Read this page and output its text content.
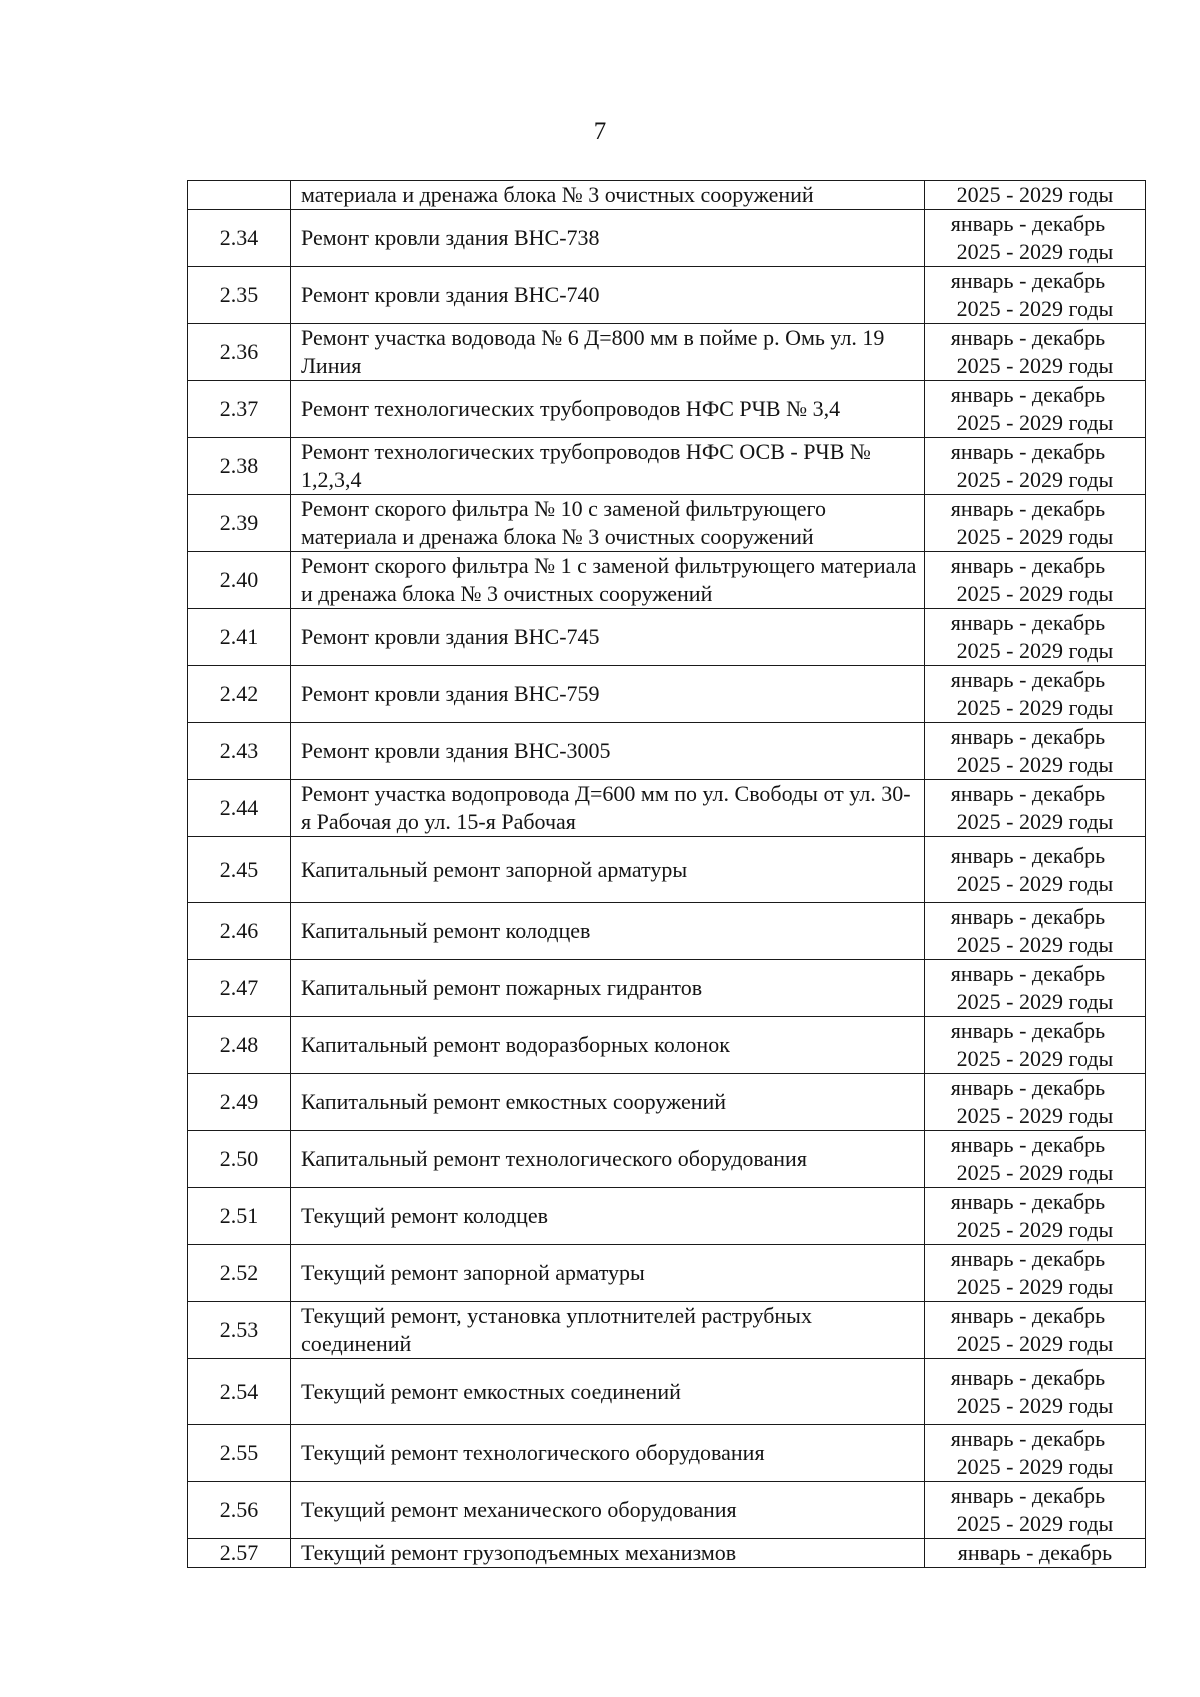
7
	материала и дренажа блока № 3 очистных сооружений	2025 - 2029 годы

2.34	Ремонт кровли здания ВНС-738	январь - декабрь
2025 - 2029 годы

2.35	Ремонт кровли здания ВНС-740	январь - декабрь
2025 - 2029 годы

2.36	Ремонт участка водовода № 6 Д=800 мм в пойме р. Омь ул. 19 Линия	январь - декабрь
2025 - 2029 годы

2.37	Ремонт технологических трубопроводов НФС РЧВ № 3,4	январь - декабрь
2025 - 2029 годы

2.38	Ремонт технологических трубопроводов НФС ОСВ - РЧВ № 1,2,3,4	январь - декабрь
2025 - 2029 годы

2.39	Ремонт скорого фильтра № 10 с заменой фильтрующего материала и дренажа блока № 3 очистных сооружений	январь - декабрь
2025 - 2029 годы

2.40	Ремонт скорого фильтра № 1 с заменой фильтрующего материала и дренажа блока № 3 очистных сооружений	январь - декабрь
2025 - 2029 годы

2.41	Ремонт кровли здания ВНС-745	январь - декабрь
2025 - 2029 годы

2.42	Ремонт кровли здания ВНС-759	январь - декабрь
2025 - 2029 годы

2.43	Ремонт кровли здания ВНС-3005	январь - декабрь
2025 - 2029 годы

2.44	Ремонт участка водопровода Д=600 мм по ул. Свободы от ул. 30-я Рабочая до ул. 15-я Рабочая	январь - декабрь
2025 - 2029 годы

2.45	Капитальный ремонт запорной арматуры	январь - декабрь
2025 - 2029 годы

2.46	Капитальный ремонт колодцев	январь - декабрь
2025 - 2029 годы

2.47	Капитальный ремонт пожарных гидрантов	январь - декабрь
2025 - 2029 годы

2.48	Капитальный ремонт водоразборных колонок	январь - декабрь
2025 - 2029 годы

2.49	Капитальный ремонт емкостных сооружений	январь - декабрь
2025 - 2029 годы

2.50	Капитальный ремонт технологического оборудования	январь - декабрь
2025 - 2029 годы

2.51	Текущий ремонт колодцев	январь - декабрь
2025 - 2029 годы

2.52	Текущий ремонт запорной арматуры	январь - декабрь
2025 - 2029 годы

2.53	Текущий ремонт, установка уплотнителей раструбных соединений	январь - декабрь
2025 - 2029 годы

2.54	Текущий ремонт емкостных соединений	январь - декабрь
2025 - 2029 годы

2.55	Текущий ремонт технологического оборудования	январь - декабрь
2025 - 2029 годы

2.56	Текущий ремонт механического оборудования	январь - декабрь
2025 - 2029 годы

2.57	Текущий ремонт грузоподъемных механизмов	январь - декабрь
